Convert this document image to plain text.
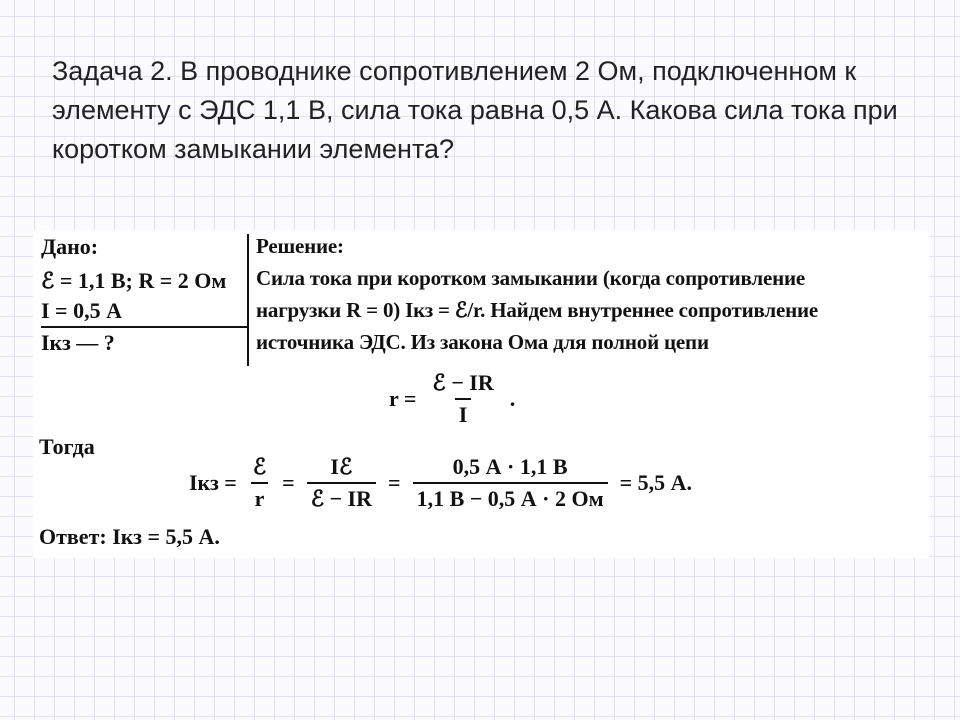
Задача 2. В проводнике сопротивлением 2 Ом, подключенном к элементу с ЭДС 1,1 В, сила тока равна 0,5 А. Какова сила тока при коротком замыкании элемента?
Дано:
ℰ = 1,1 В; R = 2 Ом
I = 0,5 А
Iкз — ?
Решение:
Сила тока при коротком замыкании (когда сопротивление
нагрузки R = 0) Iкз = ℰ/r. Найдем внутреннее сопротивление
источника ЭДС. Из закона Ома для полной цепи
$r = \frac{\text{ℰ − IR}}{I}$ .
Тогда
Iкз = $\frac{\text{ℰ}}{r} = \frac{\text{Iℰ}}{\text{ℰ − IR}} = \frac{0,5 А \cdot 1,1 В}{1,1 В - 0,5 А \cdot 2 Ом} = 5,5$ А.
Ответ: Iкз = 5,5 А.
